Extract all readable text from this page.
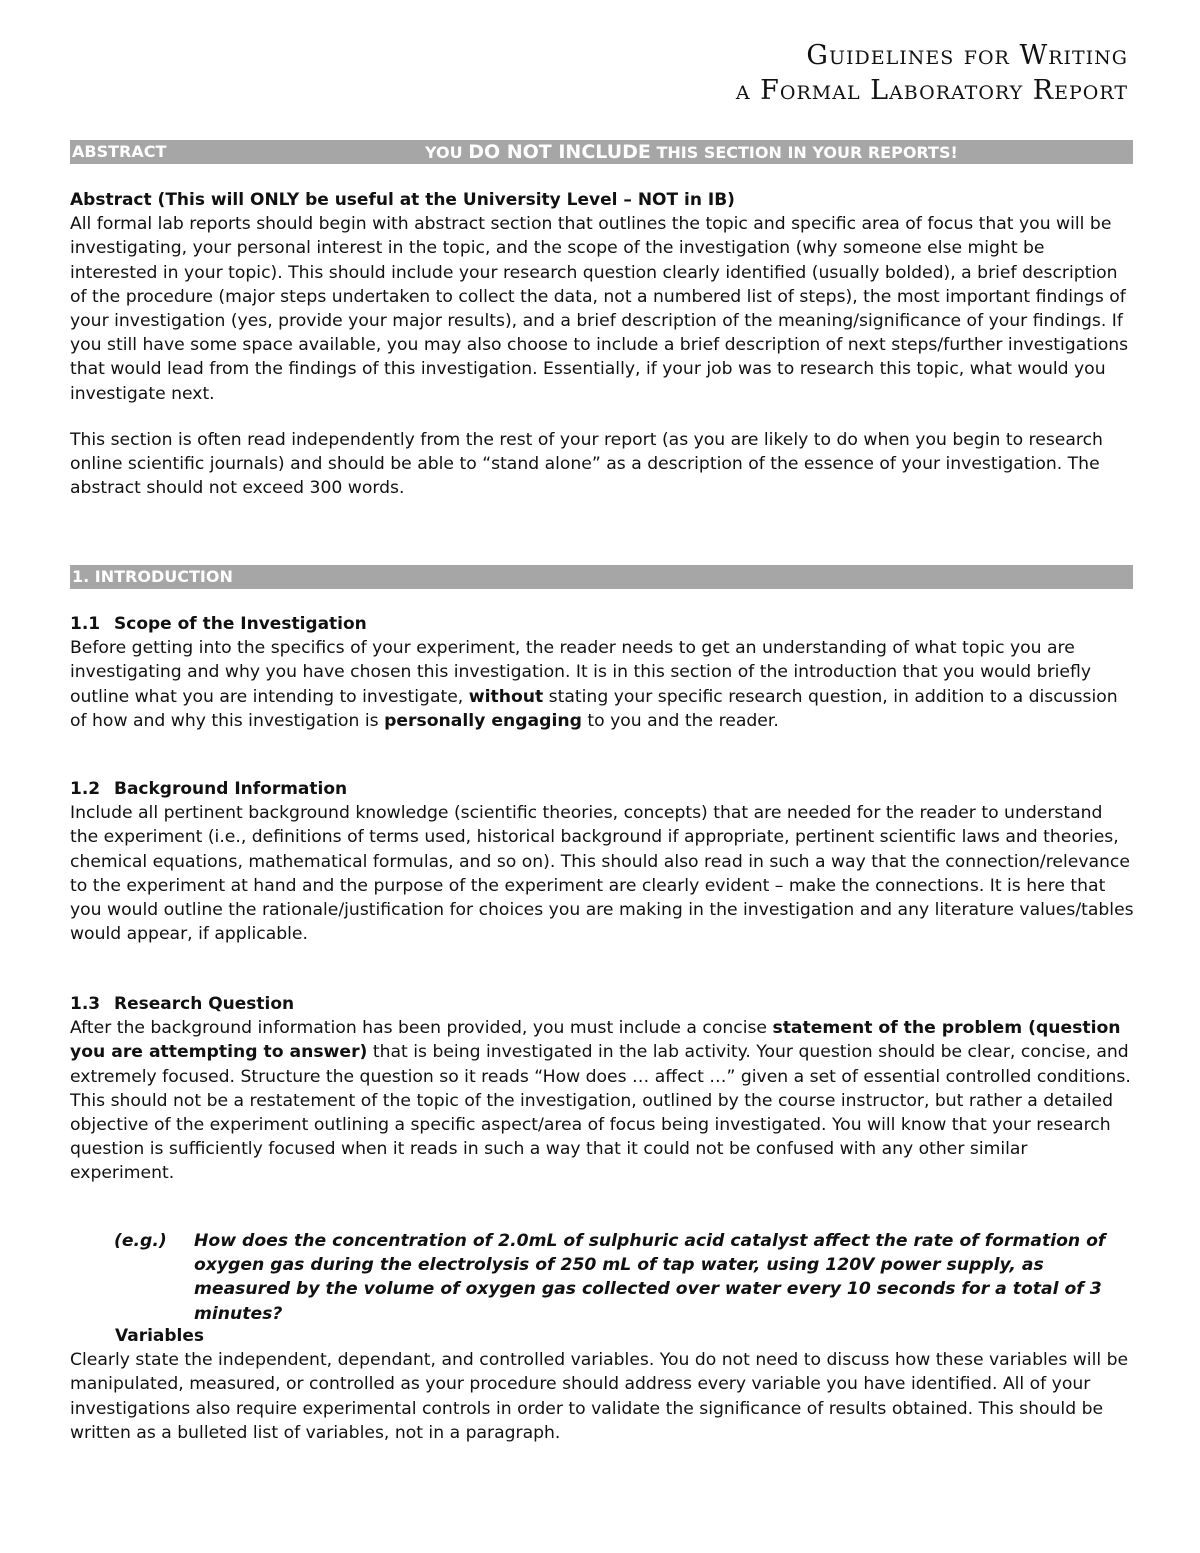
Guidelines for Writing
a Formal Laboratory Report
ABSTRACT	YOU DO NOT INCLUDE THIS SECTION IN YOUR REPORTS!
Abstract (This will ONLY be useful at the University Level – NOT in IB)

All formal lab reports should begin with abstract section that outlines the topic and specific area of focus that you will be investigating, your personal interest in the topic, and the scope of the investigation (why someone else might be interested in your topic). This should include your research question clearly identified (usually bolded), a brief description of the procedure (major steps undertaken to collect the data, not a numbered list of steps), the most important findings of your investigation (yes, provide your major results), and a brief description of the meaning/significance of your findings. If you still have some space available, you may also choose to include a brief description of next steps/further investigations that would lead from the findings of this investigation. Essentially, if your job was to research this topic, what would you investigate next.

This section is often read independently from the rest of your report (as you are likely to do when you begin to research online scientific journals) and should be able to “stand alone” as a description of the essence of your investigation. The abstract should not exceed 300 words.

1. INTRODUCTION
1.1 Scope of the Investigation

Before getting into the specifics of your experiment, the reader needs to get an understanding of what topic you are investigating and why you have chosen this investigation. It is in this section of the introduction that you would briefly outline what you are intending to investigate, without stating your specific research question, in addition to a discussion of how and why this investigation is personally engaging to you and the reader.

1.2 Background Information

Include all pertinent background knowledge (scientific theories, concepts) that are needed for the reader to understand the experiment (i.e., definitions of terms used, historical background if appropriate, pertinent scientific laws and theories, chemical equations, mathematical formulas, and so on). This should also read in such a way that the connection/relevance to the experiment at hand and the purpose of the experiment are clearly evident – make the connections. It is here that you would outline the rationale/justification for choices you are making in the investigation and any literature values/tables would appear, if applicable.

1.3 Research Question

After the background information has been provided, you must include a concise statement of the problem (question you are attempting to answer) that is being investigated in the lab activity. Your question should be clear, concise, and extremely focused. Structure the question so it reads “How does … affect …” given a set of essential controlled conditions. This should not be a restatement of the topic of the investigation, outlined by the course instructor, but rather a detailed objective of the experiment outlining a specific aspect/area of focus being investigated. You will know that your research question is sufficiently focused when it reads in such a way that it could not be confused with any other similar experiment.

(e.g.) How does the concentration of 2.0mL of sulphuric acid catalyst affect the rate of formation of oxygen gas during the electrolysis of 250 mL of tap water, using 120V power supply, as measured by the volume of oxygen gas collected over water every 10 seconds for a total of 3 minutes?
Variables

Clearly state the independent, dependant, and controlled variables. You do not need to discuss how these variables will be manipulated, measured, or controlled as your procedure should address every variable you have identified. All of your investigations also require experimental controls in order to validate the significance of results obtained. This should be written as a bulleted list of variables, not in a paragraph.
